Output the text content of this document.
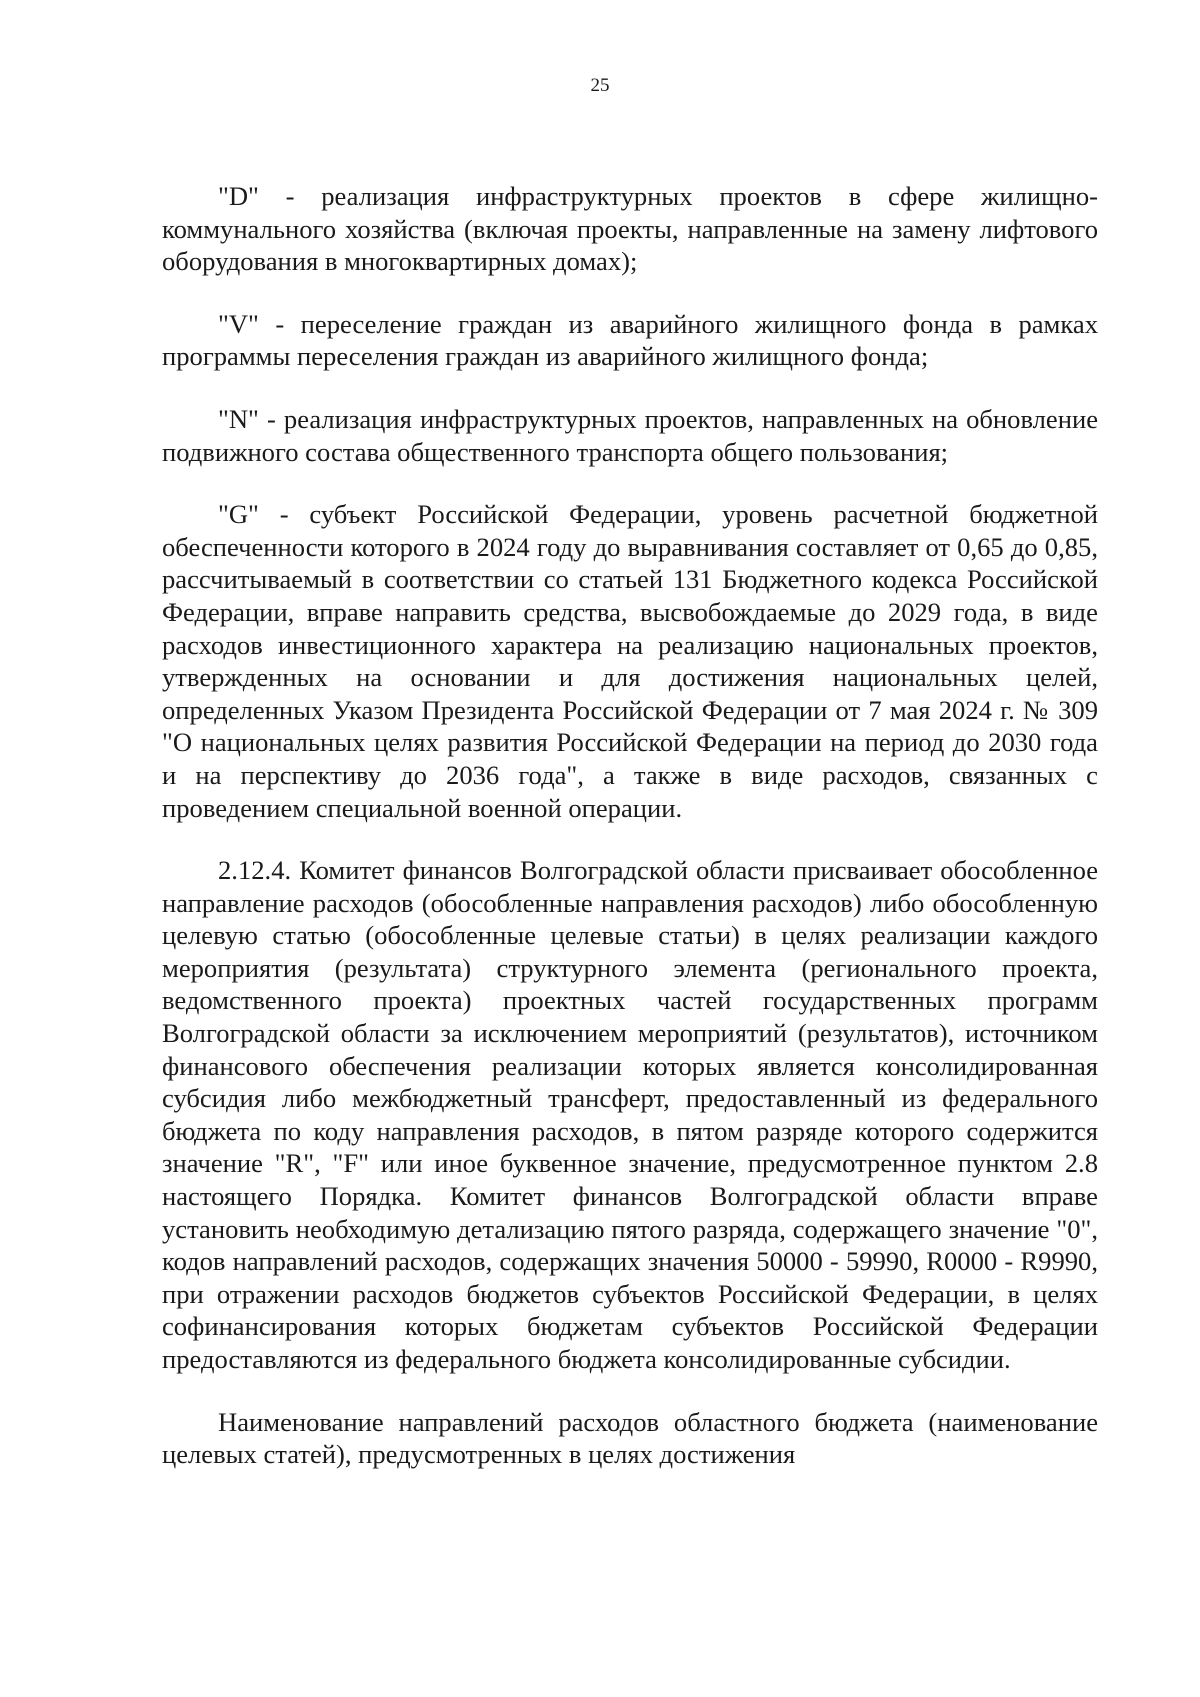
25

"D" - реализация инфраструктурных проектов в сфере жилищно-коммунального хозяйства (включая проекты, направленные на замену лифтового оборудования в многоквартирных домах);

"V" - переселение граждан из аварийного жилищного фонда в рамках программы переселения граждан из аварийного жилищного фонда;

"N" - реализация инфраструктурных проектов, направленных на обновление подвижного состава общественного транспорта общего пользования;

"G" - субъект Российской Федерации, уровень расчетной бюджетной обеспеченности которого в 2024 году до выравнивания составляет от 0,65 до 0,85, рассчитываемый в соответствии со статьей 131 Бюджетного кодекса Российской Федерации, вправе направить средства, высвобождаемые до 2029 года, в виде расходов инвестиционного характера на реализацию национальных проектов, утвержденных на основании и для достижения национальных целей, определенных Указом Президента Российской Федерации от 7 мая 2024 г. № 309 "О национальных целях развития Российской Федерации на период до 2030 года и на перспективу до 2036 года", а также в виде расходов, связанных с проведением специальной военной операции.

2.12.4. Комитет финансов Волгоградской области присваивает обособленное направление расходов (обособленные направления расходов) либо обособленную целевую статью (обособленные целевые статьи) в целях реализации каждого мероприятия (результата) структурного элемента (регионального проекта, ведомственного проекта) проектных частей государственных программ Волгоградской области за исключением мероприятий (результатов), источником финансового обеспечения реализации которых является консолидированная субсидия либо межбюджетный трансферт, предоставленный из федерального бюджета по коду направления расходов, в пятом разряде которого содержится значение "R", "F" или иное буквенное значение, предусмотренное пунктом 2.8 настоящего Порядка. Комитет финансов Волгоградской области вправе установить необходимую детализацию пятого разряда, содержащего значение "0", кодов направлений расходов, содержащих значения 50000 - 59990, R0000 - R9990, при отражении расходов бюджетов субъектов Российской Федерации, в целях софинансирования которых бюджетам субъектов Российской Федерации предоставляются из федерального бюджета консолидированные субсидии.

Наименование направлений расходов областного бюджета (наименование целевых статей), предусмотренных в целях достижения
